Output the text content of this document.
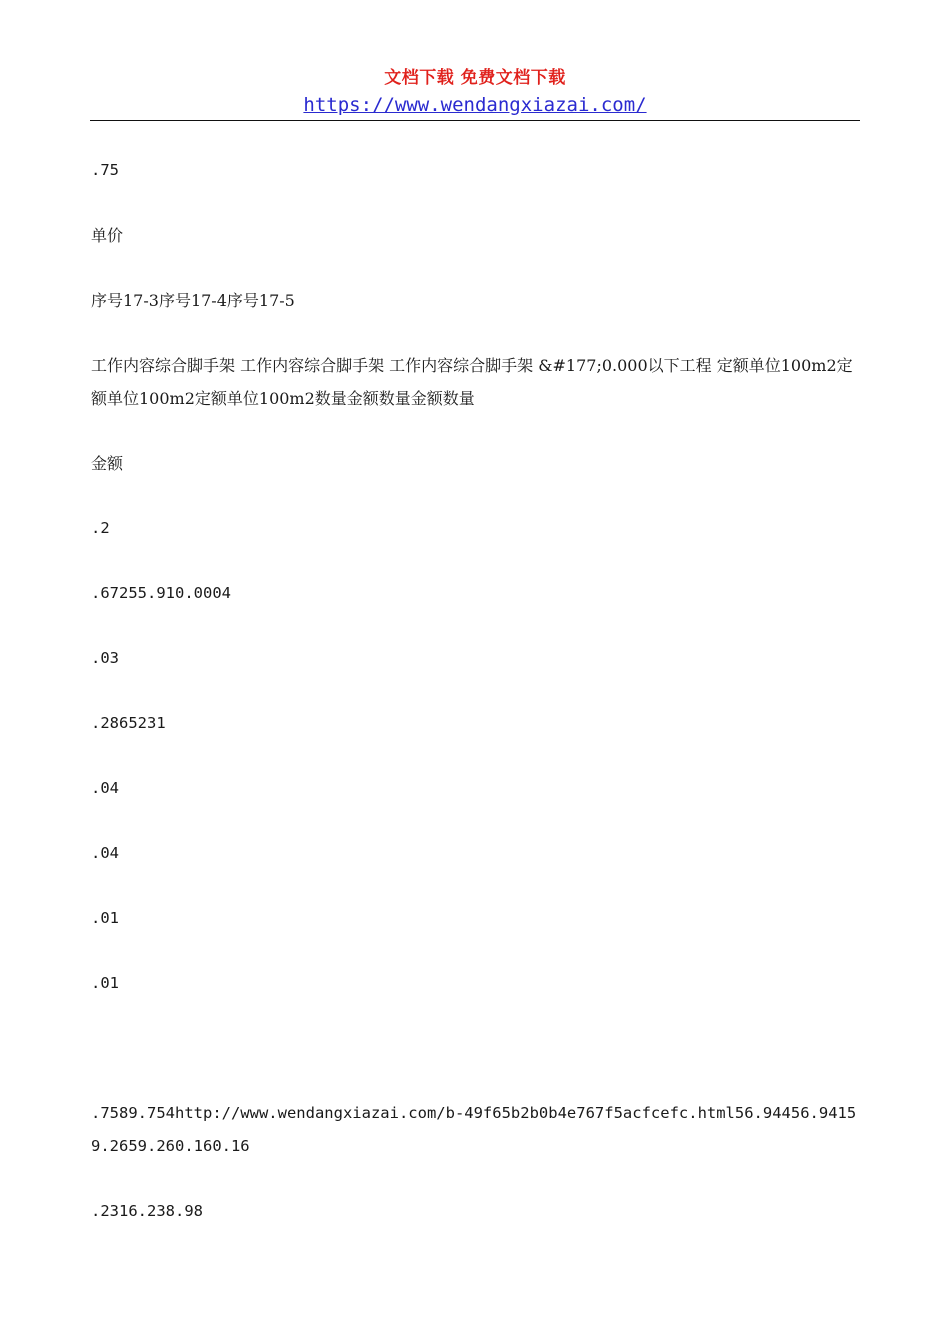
文档下载 免费文档下载
https://www.wendangxiazai.com/

.75

单价

序号17-3序号17-4序号17-5

工作内容综合脚手架 工作内容综合脚手架 工作内容综合脚手架 &#177;0.000以下工程 定额单位100m2定额单位100m2定额单位100m2数量金额数量金额数量

金额

.2

.67255.910.0004

.03

.2865231

.04

.04

.01

.01

.7589.754http://www.wendangxiazai.com/b-49f65b2b0b4e767f5acfcefc.html56.94456.94159.2659.260.160.16

.2316.238.98
